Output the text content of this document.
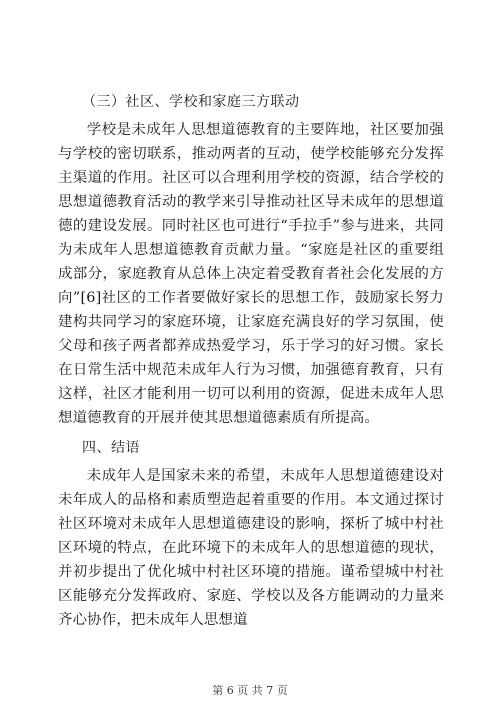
（三）社区、学校和家庭三方联动

学校是未成年人思想道德教育的主要阵地，社区要加强与学校的密切联系，推动两者的互动，使学校能够充分发挥主渠道的作用。社区可以合理利用学校的资源，结合学校的思想道德教育活动的教学来引导推动社区导未成年的思想道德的建设发展。同时社区也可进行“手拉手”参与进来，共同为未成年人思想道德教育贡献力量。“家庭是社区的重要组成部分，家庭教育从总体上决定着受教育者社会化发展的方向”[6]社区的工作者要做好家长的思想工作，鼓励家长努力建构共同学习的家庭环境，让家庭充满良好的学习氛围，使父母和孩子两者都养成热爱学习，乐于学习的好习惯。家长在日常生活中规范未成年人行为习惯，加强德育教育，只有这样，社区才能利用一切可以利用的资源，促进未成年人思想道德教育的开展并使其思想道德素质有所提高。

四、结语

未成年人是国家未来的希望，未成年人思想道德建设对未年成人的品格和素质塑造起着重要的作用。本文通过探讨社区环境对未成年人思想道德建设的影响，探析了城中村社区环境的特点，在此环境下的未成年人的思想道德的现状，并初步提出了优化城中村社区环境的措施。谨希望城中村社区能够充分发挥政府、家庭、学校以及各方能调动的力量来齐心协作，把未成年人思想道

第 6 页 共 7 页
